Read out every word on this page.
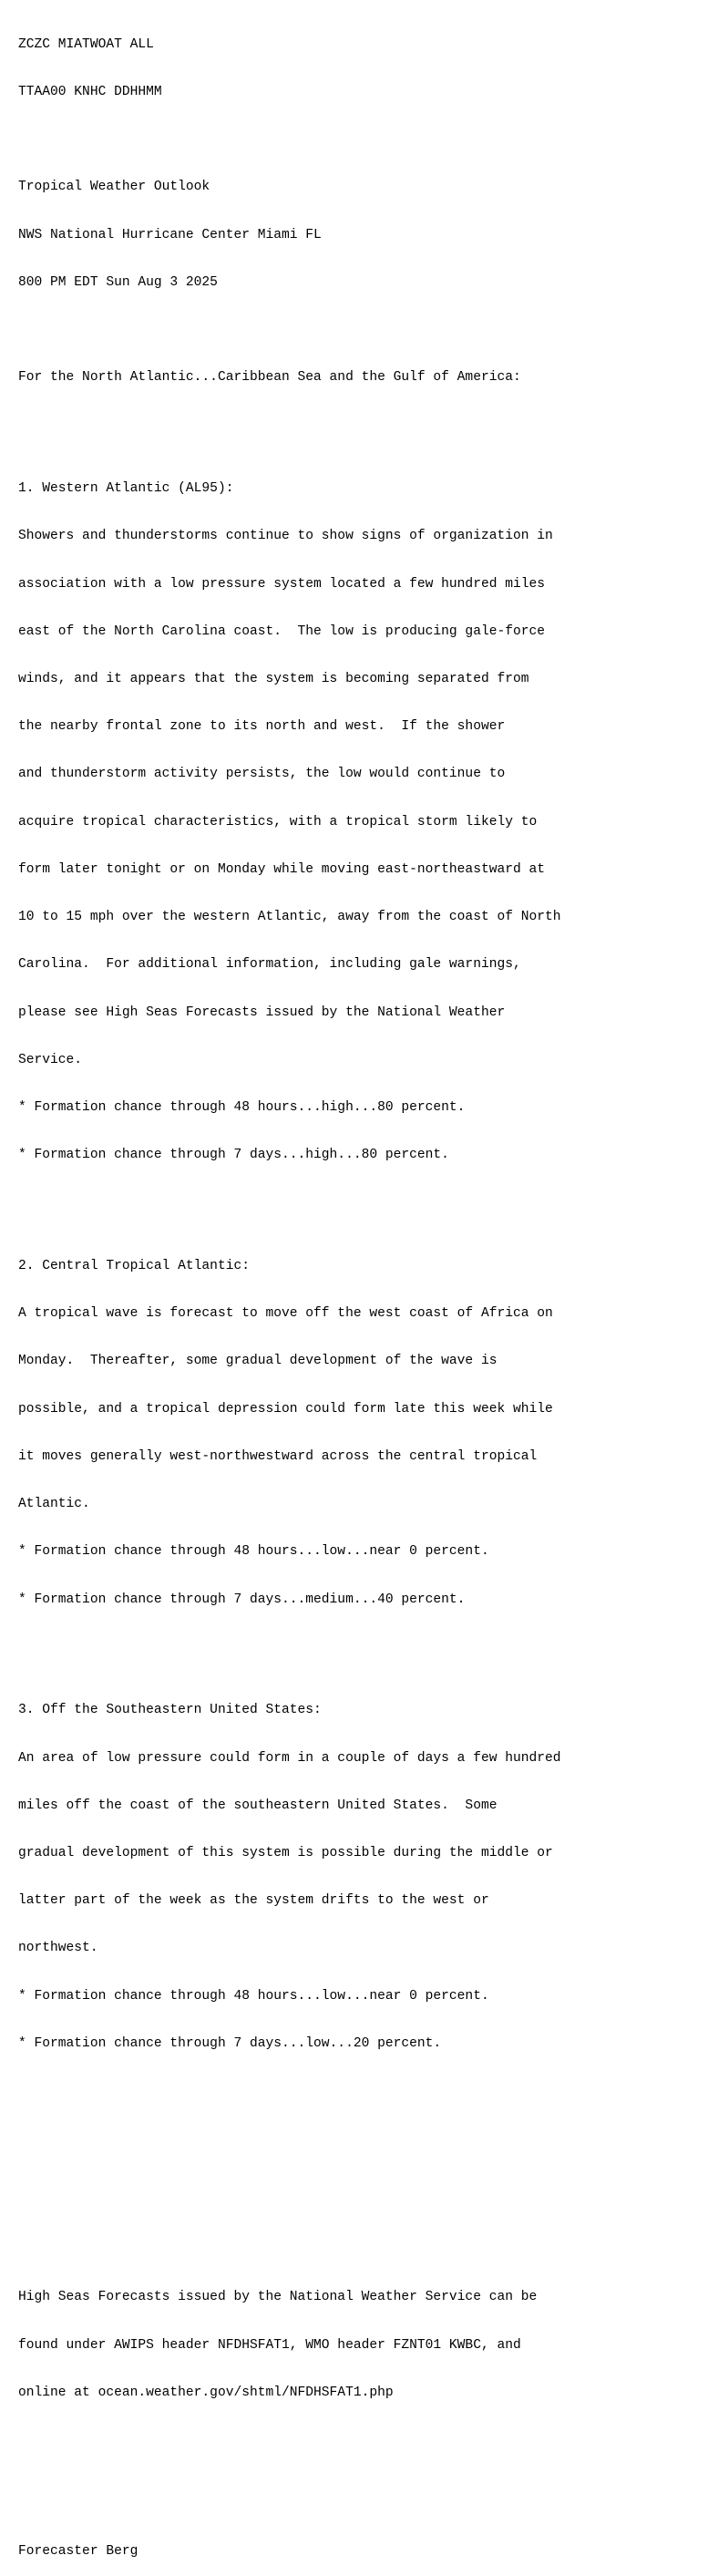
ZCZC MIATWOAT ALL

TTAA00 KNHC DDHHMM

Tropical Weather Outlook

NWS National Hurricane Center Miami FL

800 PM EDT Sun Aug 3 2025

For the North Atlantic...Caribbean Sea and the Gulf of America:

1. Western Atlantic (AL95):

Showers and thunderstorms continue to show signs of organization in

association with a low pressure system located a few hundred miles

east of the North Carolina coast.  The low is producing gale-force

winds, and it appears that the system is becoming separated from

the nearby frontal zone to its north and west.  If the shower

and thunderstorm activity persists, the low would continue to

acquire tropical characteristics, with a tropical storm likely to

form later tonight or on Monday while moving east-northeastward at

10 to 15 mph over the western Atlantic, away from the coast of North

Carolina.  For additional information, including gale warnings,

please see High Seas Forecasts issued by the National Weather

Service.

* Formation chance through 48 hours...high...80 percent.

* Formation chance through 7 days...high...80 percent.

2. Central Tropical Atlantic:

A tropical wave is forecast to move off the west coast of Africa on

Monday.  Thereafter, some gradual development of the wave is

possible, and a tropical depression could form late this week while

it moves generally west-northwestward across the central tropical

Atlantic.

* Formation chance through 48 hours...low...near 0 percent.

* Formation chance through 7 days...medium...40 percent.

3. Off the Southeastern United States:

An area of low pressure could form in a couple of days a few hundred

miles off the coast of the southeastern United States.  Some

gradual development of this system is possible during the middle or

latter part of the week as the system drifts to the west or

northwest.

* Formation chance through 48 hours...low...near 0 percent.

* Formation chance through 7 days...low...20 percent.

High Seas Forecasts issued by the National Weather Service can be

found under AWIPS header NFDHSFAT1, WMO header FZNT01 KWBC, and

online at ocean.weather.gov/shtml/NFDHSFAT1.php

Forecaster Berg
